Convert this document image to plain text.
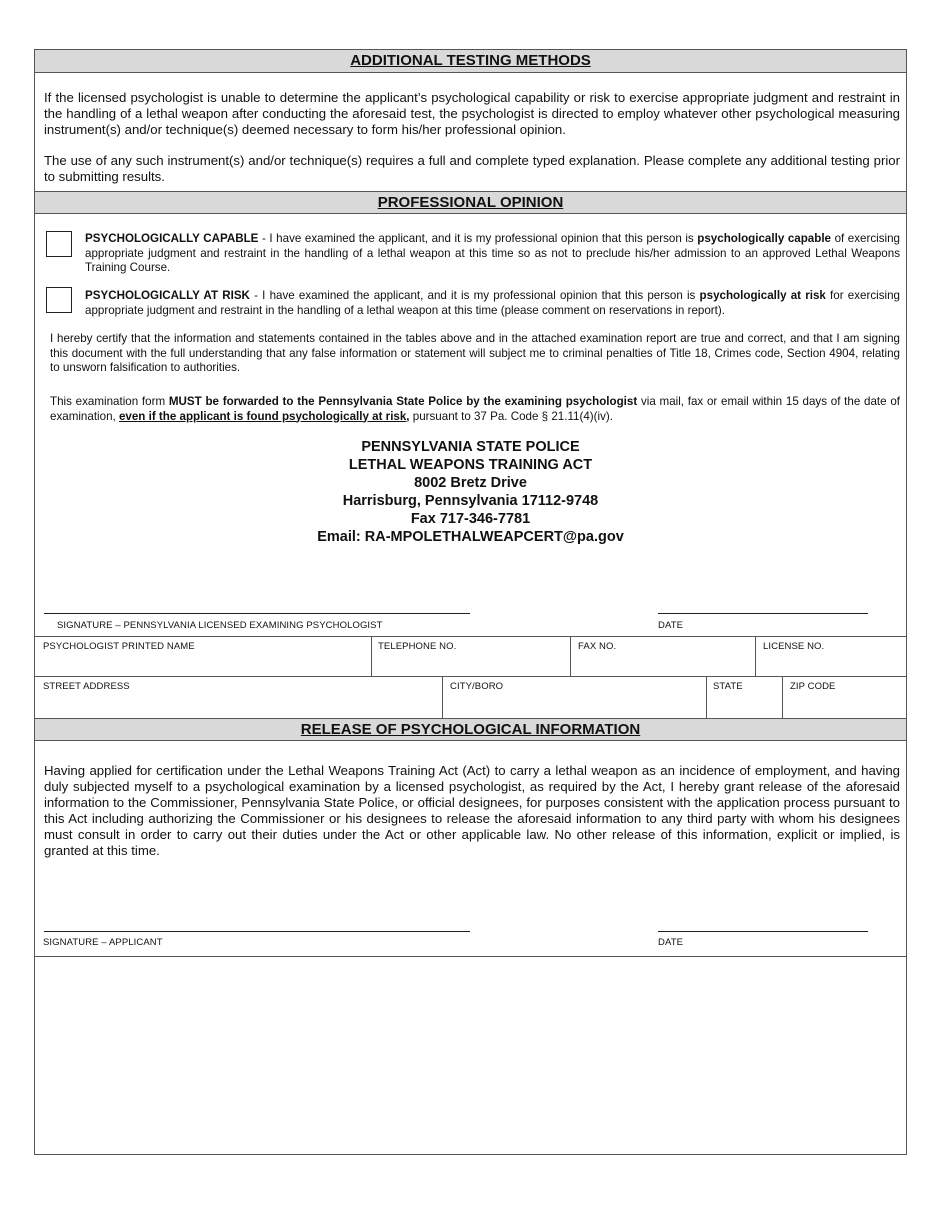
ADDITIONAL TESTING METHODS
If the licensed psychologist is unable to determine the applicant’s psychological capability or risk to exercise appropriate judgment and restraint in the handling of a lethal weapon after conducting the aforesaid test, the psychologist is directed to employ whatever other psychological measuring instrument(s) and/or technique(s) deemed necessary to form his/her professional opinion.
The use of any such instrument(s) and/or technique(s) requires a full and complete typed explanation. Please complete any additional testing prior to submitting results.
PROFESSIONAL OPINION
PSYCHOLOGICALLY CAPABLE - I have examined the applicant, and it is my professional opinion that this person is psychologically capable of exercising appropriate judgment and restraint in the handling of a lethal weapon at this time so as not to preclude his/her admission to an approved Lethal Weapons Training Course.
PSYCHOLOGICALLY AT RISK - I have examined the applicant, and it is my professional opinion that this person is psychologically at risk for exercising appropriate judgment and restraint in the handling of a lethal weapon at this time (please comment on reservations in report).
I hereby certify that the information and statements contained in the tables above and in the attached examination report are true and correct, and that I am signing this document with the full understanding that any false information or statement will subject me to criminal penalties of Title 18, Crimes code, Section 4904, relating to unsworn falsification to authorities.
This examination form MUST be forwarded to the Pennsylvania State Police by the examining psychologist via mail, fax or email within 15 days of the date of examination, even if the applicant is found psychologically at risk, pursuant to 37 Pa. Code § 21.11(4)(iv).
PENNSYLVANIA STATE POLICE
LETHAL WEAPONS TRAINING ACT
8002 Bretz Drive
Harrisburg, Pennsylvania 17112-9748
Fax 717-346-7781
Email: RA-MPOLETHALWEAPCERT@pa.gov
SIGNATURE – PENNSYLVANIA LICENSED EXAMINING PSYCHOLOGIST	DATE
PSYCHOLOGIST PRINTED NAME	TELEPHONE NO.	FAX NO.	LICENSE NO.
STREET ADDRESS	CITY/BORO	STATE	ZIP CODE
RELEASE OF PSYCHOLOGICAL INFORMATION
Having applied for certification under the Lethal Weapons Training Act (Act) to carry a lethal weapon as an incidence of employment, and having duly subjected myself to a psychological examination by a licensed psychologist, as required by the Act, I hereby grant release of the aforesaid information to the Commissioner, Pennsylvania State Police, or official designees, for purposes consistent with the application process pursuant to this Act including authorizing the Commissioner or his designees to release the aforesaid information to any third party with whom his designees must consult in order to carry out their duties under the Act or other applicable law. No other release of this information, explicit or implied, is granted at this time.
SIGNATURE – APPLICANT	DATE
